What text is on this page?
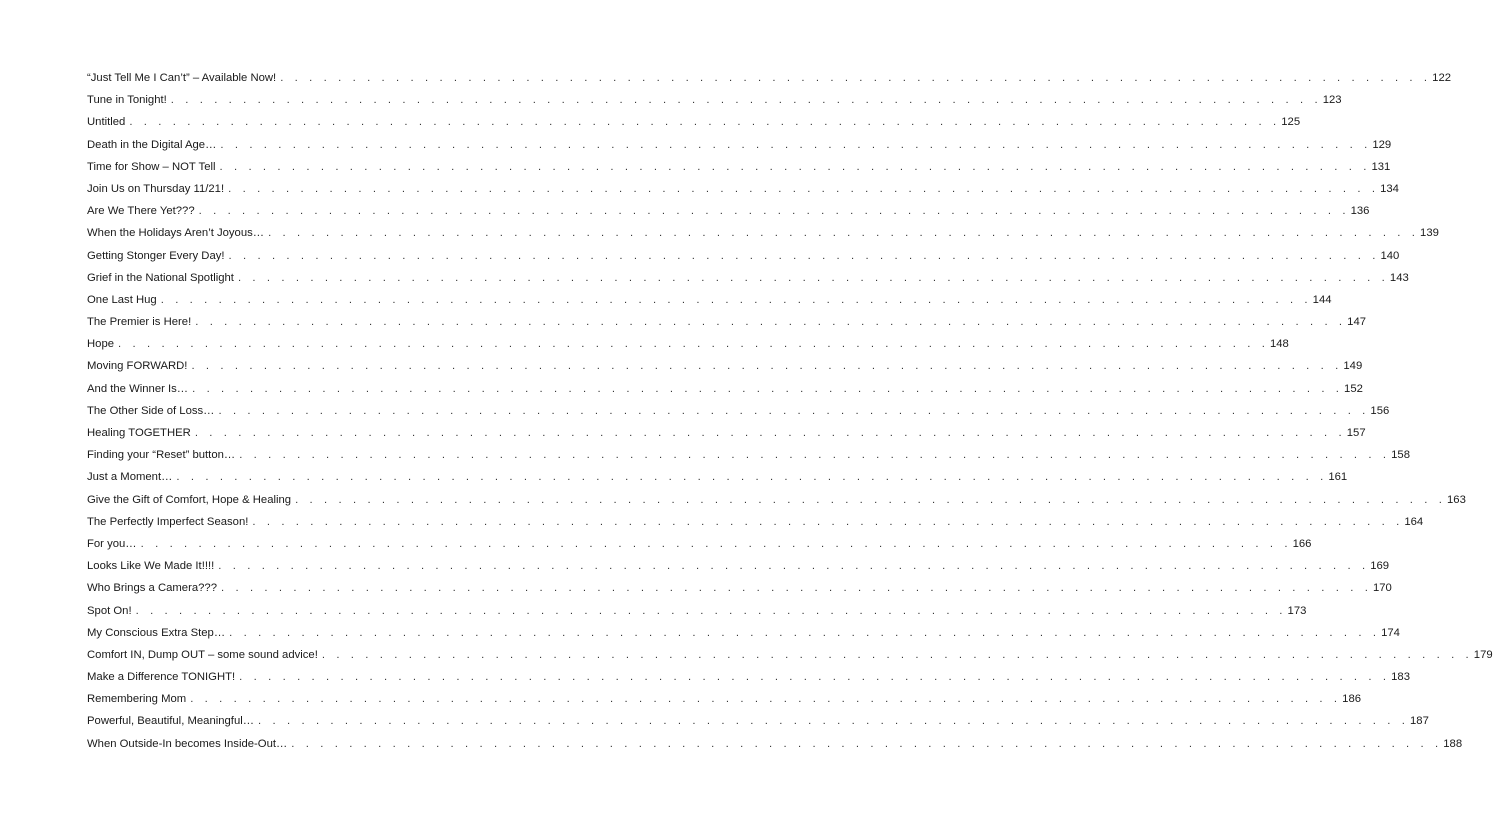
“Just Tell Me I Can’t” – Available Now! . . . . . . . . . . . . . . . . . . . . . . . . . . . . . . . . . . . . . . . . . . . . . . . . . . . . . . . . . . . . . . . . . . . . . . . . . . . . . . . . 122
Tune in Tonight! . . . . . . . . . . . . . . . . . . . . . . . . . . . . . . . . . . . . . . . . . . . . . . . . . . . . . . . . . . . . . . . . . . . . . . . . . . . . . . . . 123
Untitled . . . . . . . . . . . . . . . . . . . . . . . . . . . . . . . . . . . . . . . . . . . . . . . . . . . . . . . . . . . . . . . . . . . . . . . . . . . . . . . . 125
Death in the Digital Age… . . . . . . . . . . . . . . . . . . . . . . . . . . . . . . . . . . . . . . . . . . . . . . . . . . . . . . . . . . . . . . . . . . . . . . . . . . . . . . . . 129
Time for Show – NOT Tell . . . . . . . . . . . . . . . . . . . . . . . . . . . . . . . . . . . . . . . . . . . . . . . . . . . . . . . . . . . . . . . . . . . . . . . . . . . . . . . . 131
Join Us on Thursday 11/21! . . . . . . . . . . . . . . . . . . . . . . . . . . . . . . . . . . . . . . . . . . . . . . . . . . . . . . . . . . . . . . . . . . . . . . . . . . . . . . . . 134
Are We There Yet??? . . . . . . . . . . . . . . . . . . . . . . . . . . . . . . . . . . . . . . . . . . . . . . . . . . . . . . . . . . . . . . . . . . . . . . . . . . . . . . . . 136
When the Holidays Aren’t Joyous… . . . . . . . . . . . . . . . . . . . . . . . . . . . . . . . . . . . . . . . . . . . . . . . . . . . . . . . . . . . . . . . . . . . . . . . . . . . . . . . . 139
Getting Stonger Every Day! . . . . . . . . . . . . . . . . . . . . . . . . . . . . . . . . . . . . . . . . . . . . . . . . . . . . . . . . . . . . . . . . . . . . . . . . . . . . . . . . 140
Grief in the National Spotlight . . . . . . . . . . . . . . . . . . . . . . . . . . . . . . . . . . . . . . . . . . . . . . . . . . . . . . . . . . . . . . . . . . . . . . . . . . . . . . . . 143
One Last Hug . . . . . . . . . . . . . . . . . . . . . . . . . . . . . . . . . . . . . . . . . . . . . . . . . . . . . . . . . . . . . . . . . . . . . . . . . . . . . . . . 144
The Premier is Here! . . . . . . . . . . . . . . . . . . . . . . . . . . . . . . . . . . . . . . . . . . . . . . . . . . . . . . . . . . . . . . . . . . . . . . . . . . . . . . . . 147
Hope . . . . . . . . . . . . . . . . . . . . . . . . . . . . . . . . . . . . . . . . . . . . . . . . . . . . . . . . . . . . . . . . . . . . . . . . . . . . . . . . 148
Moving FORWARD! . . . . . . . . . . . . . . . . . . . . . . . . . . . . . . . . . . . . . . . . . . . . . . . . . . . . . . . . . . . . . . . . . . . . . . . . . . . . . . . . 149
And the Winner Is… . . . . . . . . . . . . . . . . . . . . . . . . . . . . . . . . . . . . . . . . . . . . . . . . . . . . . . . . . . . . . . . . . . . . . . . . . . . . . . . . 152
The Other Side of Loss… . . . . . . . . . . . . . . . . . . . . . . . . . . . . . . . . . . . . . . . . . . . . . . . . . . . . . . . . . . . . . . . . . . . . . . . . . . . . . . . . 156
Healing TOGETHER . . . . . . . . . . . . . . . . . . . . . . . . . . . . . . . . . . . . . . . . . . . . . . . . . . . . . . . . . . . . . . . . . . . . . . . . . . . . . . . . 157
Finding your “Reset” button… . . . . . . . . . . . . . . . . . . . . . . . . . . . . . . . . . . . . . . . . . . . . . . . . . . . . . . . . . . . . . . . . . . . . . . . . . . . . . . . . 158
Just a Moment… . . . . . . . . . . . . . . . . . . . . . . . . . . . . . . . . . . . . . . . . . . . . . . . . . . . . . . . . . . . . . . . . . . . . . . . . . . . . . . . . 161
Give the Gift of Comfort, Hope & Healing . . . . . . . . . . . . . . . . . . . . . . . . . . . . . . . . . . . . . . . . . . . . . . . . . . . . . . . . . . . . . . . . . . . . . . . . . . . . . . . . 163
The Perfectly Imperfect Season! . . . . . . . . . . . . . . . . . . . . . . . . . . . . . . . . . . . . . . . . . . . . . . . . . . . . . . . . . . . . . . . . . . . . . . . . . . . . . . . . 164
For you… . . . . . . . . . . . . . . . . . . . . . . . . . . . . . . . . . . . . . . . . . . . . . . . . . . . . . . . . . . . . . . . . . . . . . . . . . . . . . . . . 166
Looks Like We Made It!!!! . . . . . . . . . . . . . . . . . . . . . . . . . . . . . . . . . . . . . . . . . . . . . . . . . . . . . . . . . . . . . . . . . . . . . . . . . . . . . . . . 169
Who Brings a Camera??? . . . . . . . . . . . . . . . . . . . . . . . . . . . . . . . . . . . . . . . . . . . . . . . . . . . . . . . . . . . . . . . . . . . . . . . . . . . . . . . . 170
Spot On! . . . . . . . . . . . . . . . . . . . . . . . . . . . . . . . . . . . . . . . . . . . . . . . . . . . . . . . . . . . . . . . . . . . . . . . . . . . . . . . . 173
My Conscious Extra Step… . . . . . . . . . . . . . . . . . . . . . . . . . . . . . . . . . . . . . . . . . . . . . . . . . . . . . . . . . . . . . . . . . . . . . . . . . . . . . . . . 174
Comfort IN, Dump OUT – some sound advice! . . . . . . . . . . . . . . . . . . . . . . . . . . . . . . . . . . . . . . . . . . . . . . . . . . . . . . . . . . . . . . . . . . . . . . . . . . . . . . . . 179
Make a Difference TONIGHT! . . . . . . . . . . . . . . . . . . . . . . . . . . . . . . . . . . . . . . . . . . . . . . . . . . . . . . . . . . . . . . . . . . . . . . . . . . . . . . . . 183
Remembering Mom . . . . . . . . . . . . . . . . . . . . . . . . . . . . . . . . . . . . . . . . . . . . . . . . . . . . . . . . . . . . . . . . . . . . . . . . . . . . . . . . 186
Powerful, Beautiful, Meaningful… . . . . . . . . . . . . . . . . . . . . . . . . . . . . . . . . . . . . . . . . . . . . . . . . . . . . . . . . . . . . . . . . . . . . . . . . . . . . . . . . 187
When Outside-In becomes Inside-Out… . . . . . . . . . . . . . . . . . . . . . . . . . . . . . . . . . . . . . . . . . . . . . . . . . . . . . . . . . . . . . . . . . . . . . . . . . . . . . . . . 188
